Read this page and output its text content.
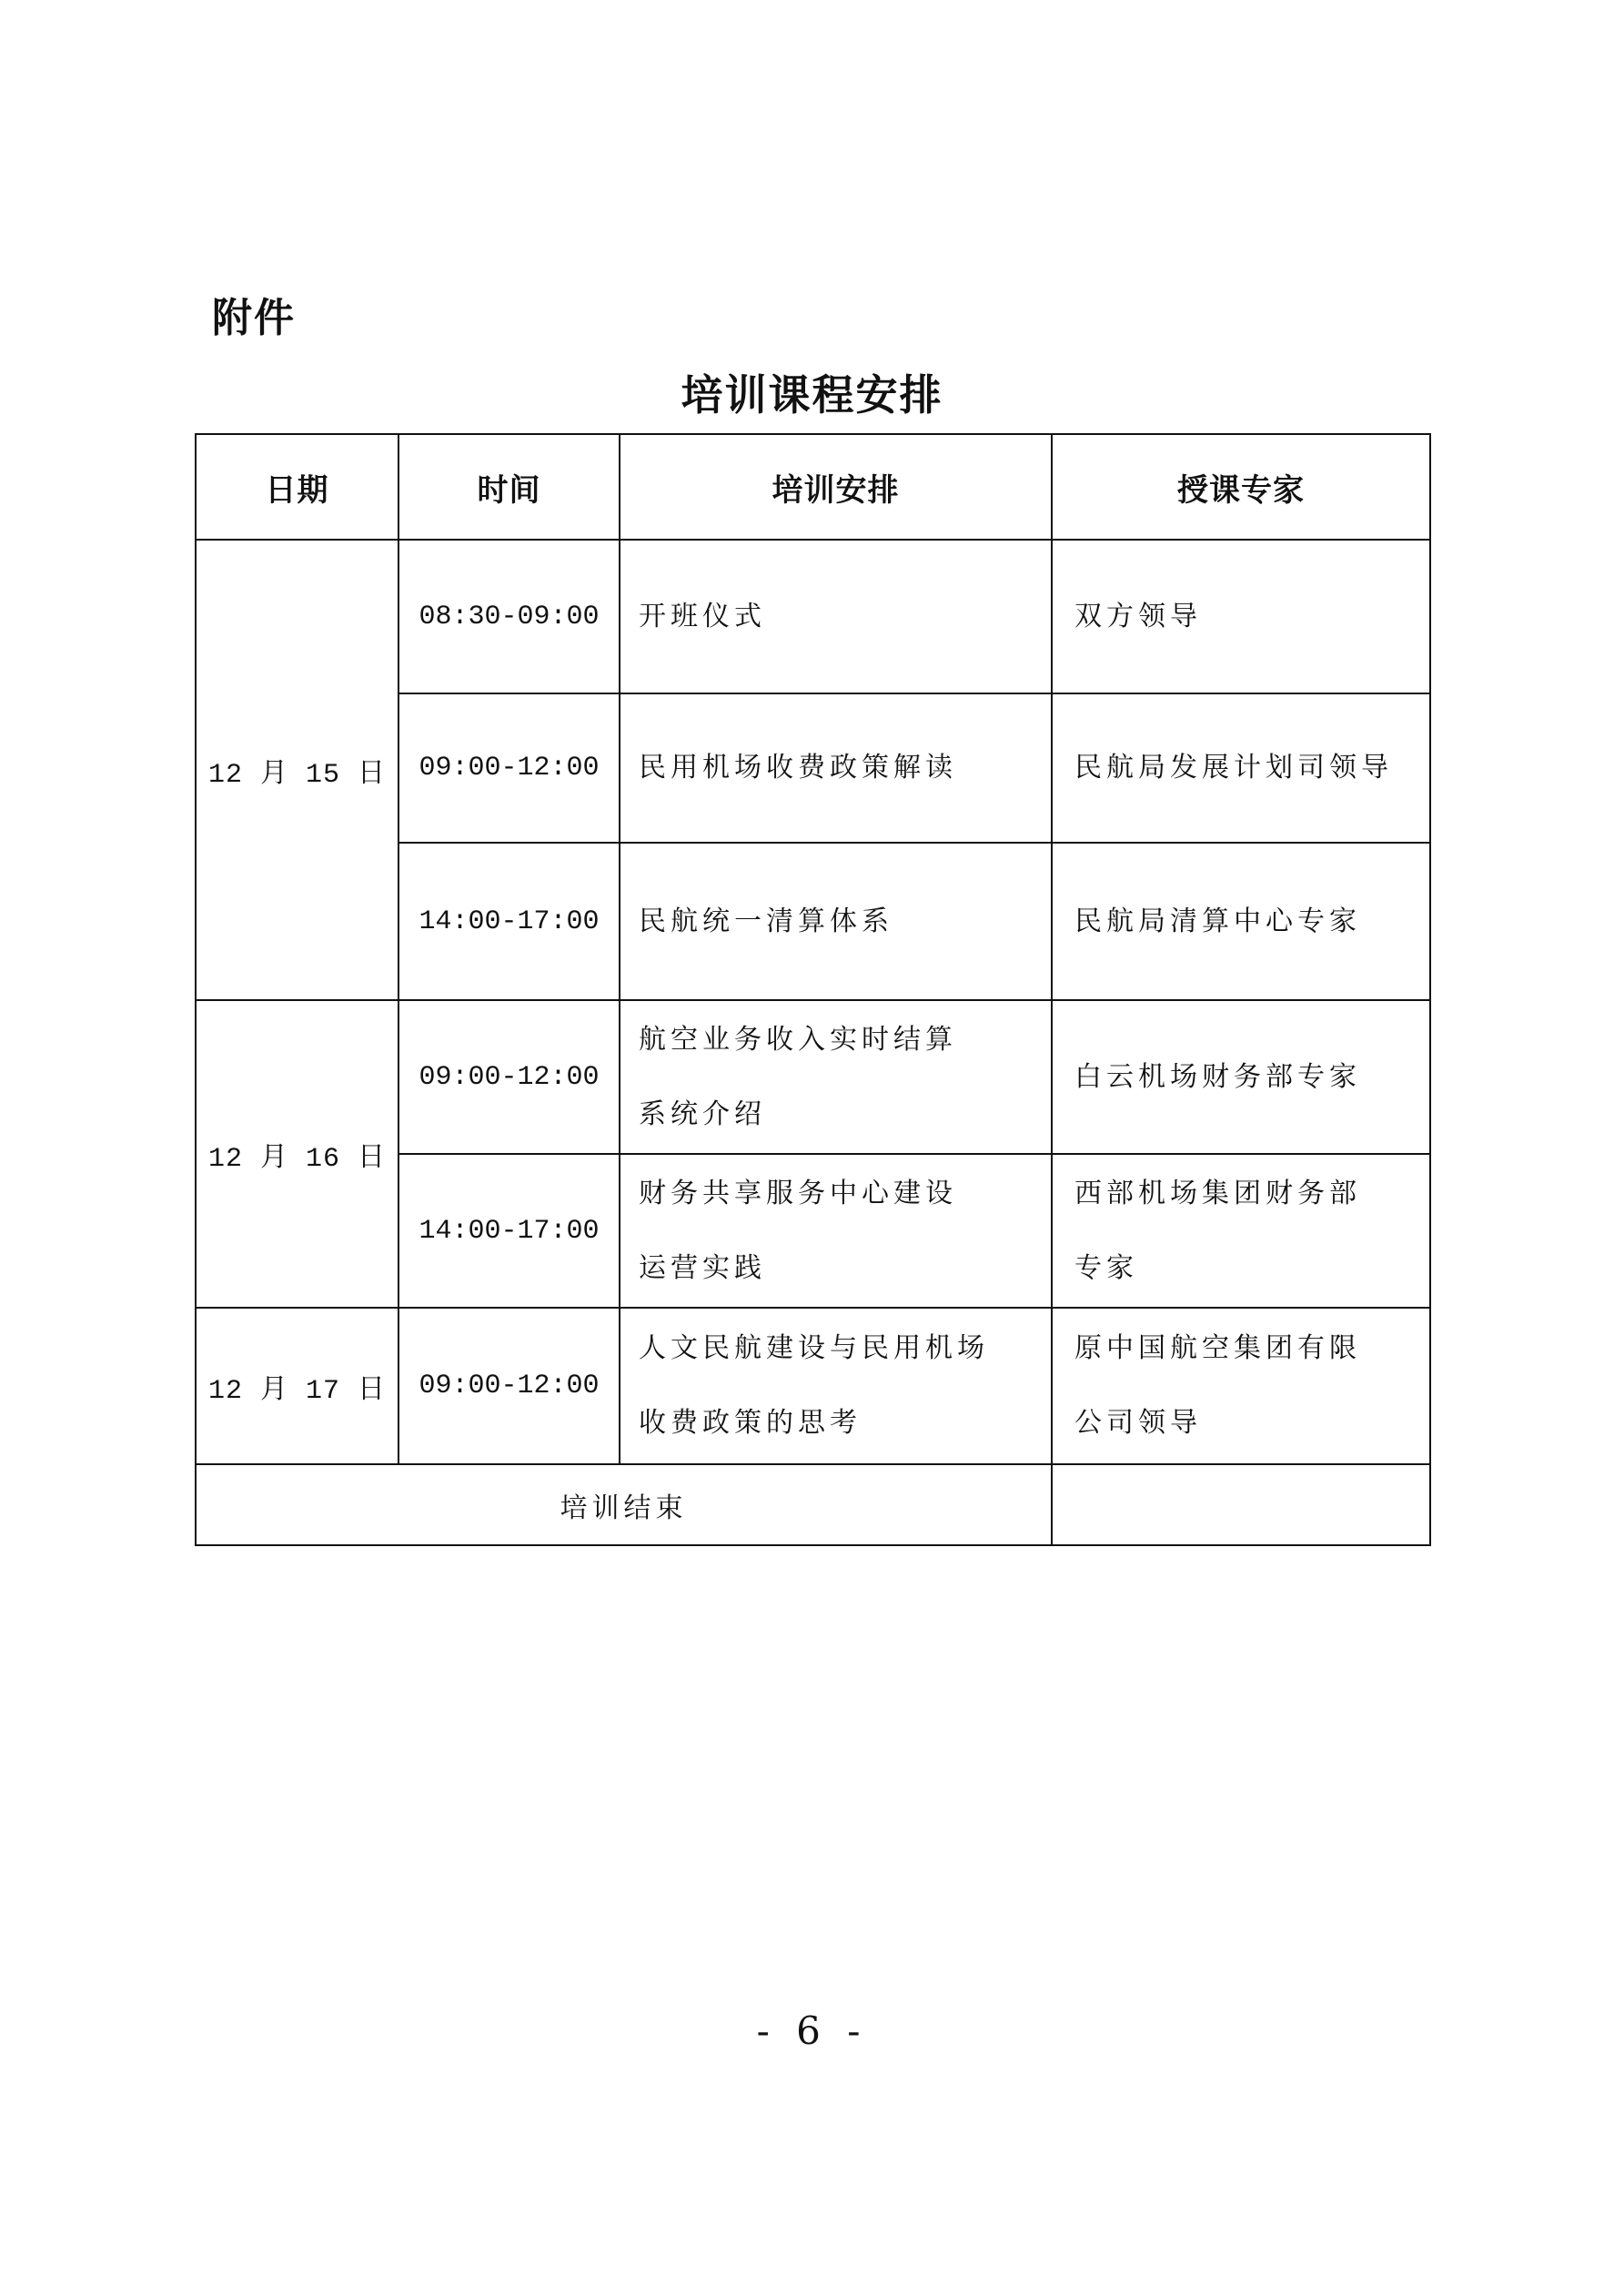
附件
培训课程安排
日期	时间	培训安排	授课专家
12 月 15 日	08:30-09:00	开班仪式	双方领导

	09:00-12:00	民用机场收费政策解读	民航局发展计划司领导

	14:00-17:00	民航统一清算体系	民航局清算中心专家

12 月 16 日	09:00-12:00	航空业务收入实时结算
系统介绍	白云机场财务部专家

	14:00-17:00	财务共享服务中心建设
运营实践	西部机场集团财务部
专家

12 月 17 日	09:00-12:00	人文民航建设与民用机场
收费政策的思考	原中国航空集团有限
公司领导

培训结束			
- 6 -
